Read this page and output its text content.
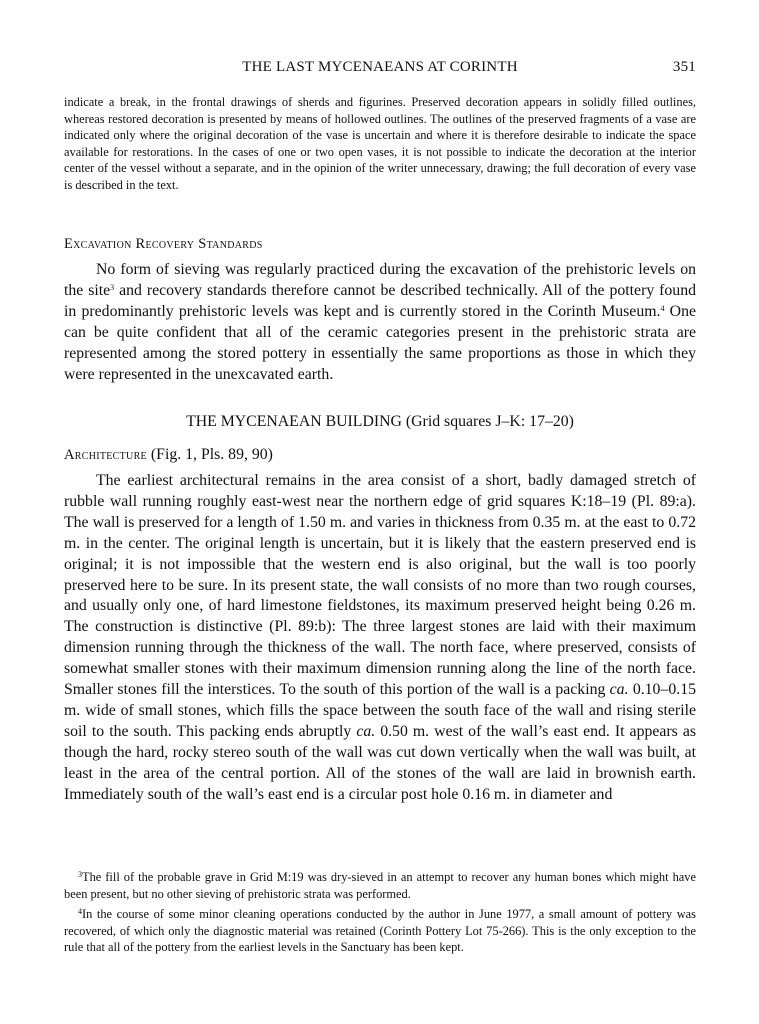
THE LAST MYCENAEANS AT CORINTH	351

indicate a break, in the frontal drawings of sherds and figurines. Preserved decoration appears in solidly filled outlines, whereas restored decoration is presented by means of hollowed outlines. The outlines of the preserved fragments of a vase are indicated only where the original decoration of the vase is uncertain and where it is therefore desirable to indicate the space available for restorations. In the cases of one or two open vases, it is not possible to indicate the decoration at the interior center of the vessel without a separate, and in the opinion of the writer unnecessary, drawing; the full decoration of every vase is described in the text.

Excavation Recovery Standards

No form of sieving was regularly practiced during the excavation of the prehistoric levels on the site$^3$ and recovery standards therefore cannot be described technically. All of the pottery found in predominantly prehistoric levels was kept and is currently stored in the Corinth Museum.$^4$ One can be quite confident that all of the ceramic categories present in the prehistoric strata are represented among the stored pottery in essentially the same proportions as those in which they were represented in the unexcavated earth.

THE MYCENAEAN BUILDING (Grid squares J–K: 17–20)
Architecture (Fig. 1, Pls. 89, 90)

The earliest architectural remains in the area consist of a short, badly damaged stretch of rubble wall running roughly east-west near the northern edge of grid squares K:18–19 (Pl. 89:a). The wall is preserved for a length of 1.50 m. and varies in thickness from 0.35 m. at the east to 0.72 m. in the center. The original length is uncertain, but it is likely that the eastern preserved end is original; it is not impossible that the western end is also original, but the wall is too poorly preserved here to be sure. In its present state, the wall consists of no more than two rough courses, and usually only one, of hard limestone fieldstones, its maximum preserved height being 0.26 m. The construction is distinctive (Pl. 89:b): The three largest stones are laid with their maximum dimension running through the thickness of the wall. The north face, where preserved, consists of somewhat smaller stones with their maximum dimension running along the line of the north face. Smaller stones fill the interstices. To the south of this portion of the wall is a packing ca. 0.10–0.15 m. wide of small stones, which fills the space between the south face of the wall and rising sterile soil to the south. This packing ends abruptly ca. 0.50 m. west of the wall’s east end. It appears as though the hard, rocky stereo south of the wall was cut down vertically when the wall was built, at least in the area of the central portion. All of the stones of the wall are laid in brownish earth. Immediately south of the wall’s east end is a circular post hole 0.16 m. in diameter and

$^3$The fill of the probable grave in Grid M:19 was dry-sieved in an attempt to recover any human bones which might have been present, but no other sieving of prehistoric strata was performed.

$^4$In the course of some minor cleaning operations conducted by the author in June 1977, a small amount of pottery was recovered, of which only the diagnostic material was retained (Corinth Pottery Lot 75-266). This is the only exception to the rule that all of the pottery from the earliest levels in the Sanctuary has been kept.
